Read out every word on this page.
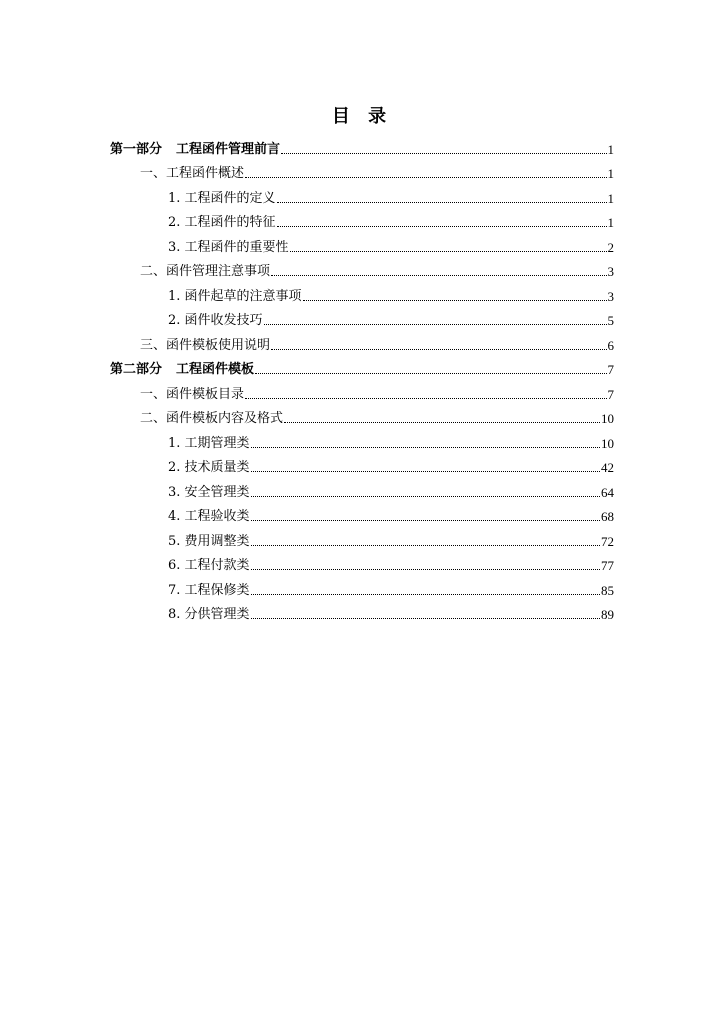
目 录
第一部分 工程函件管理前言	1
一、工程函件概述	1
1. 工程函件的定义	1
2. 工程函件的特征	1
3. 工程函件的重要性	2
二、函件管理注意事项	3
1. 函件起草的注意事项	3
2. 函件收发技巧	5
三、函件模板使用说明	6
第二部分 工程函件模板	7
一、函件模板目录	7
二、函件模板内容及格式	10
1. 工期管理类	10
2. 技术质量类	42
3. 安全管理类	64
4. 工程验收类	68
5. 费用调整类	72
6. 工程付款类	77
7. 工程保修类	85
8. 分供管理类	89
